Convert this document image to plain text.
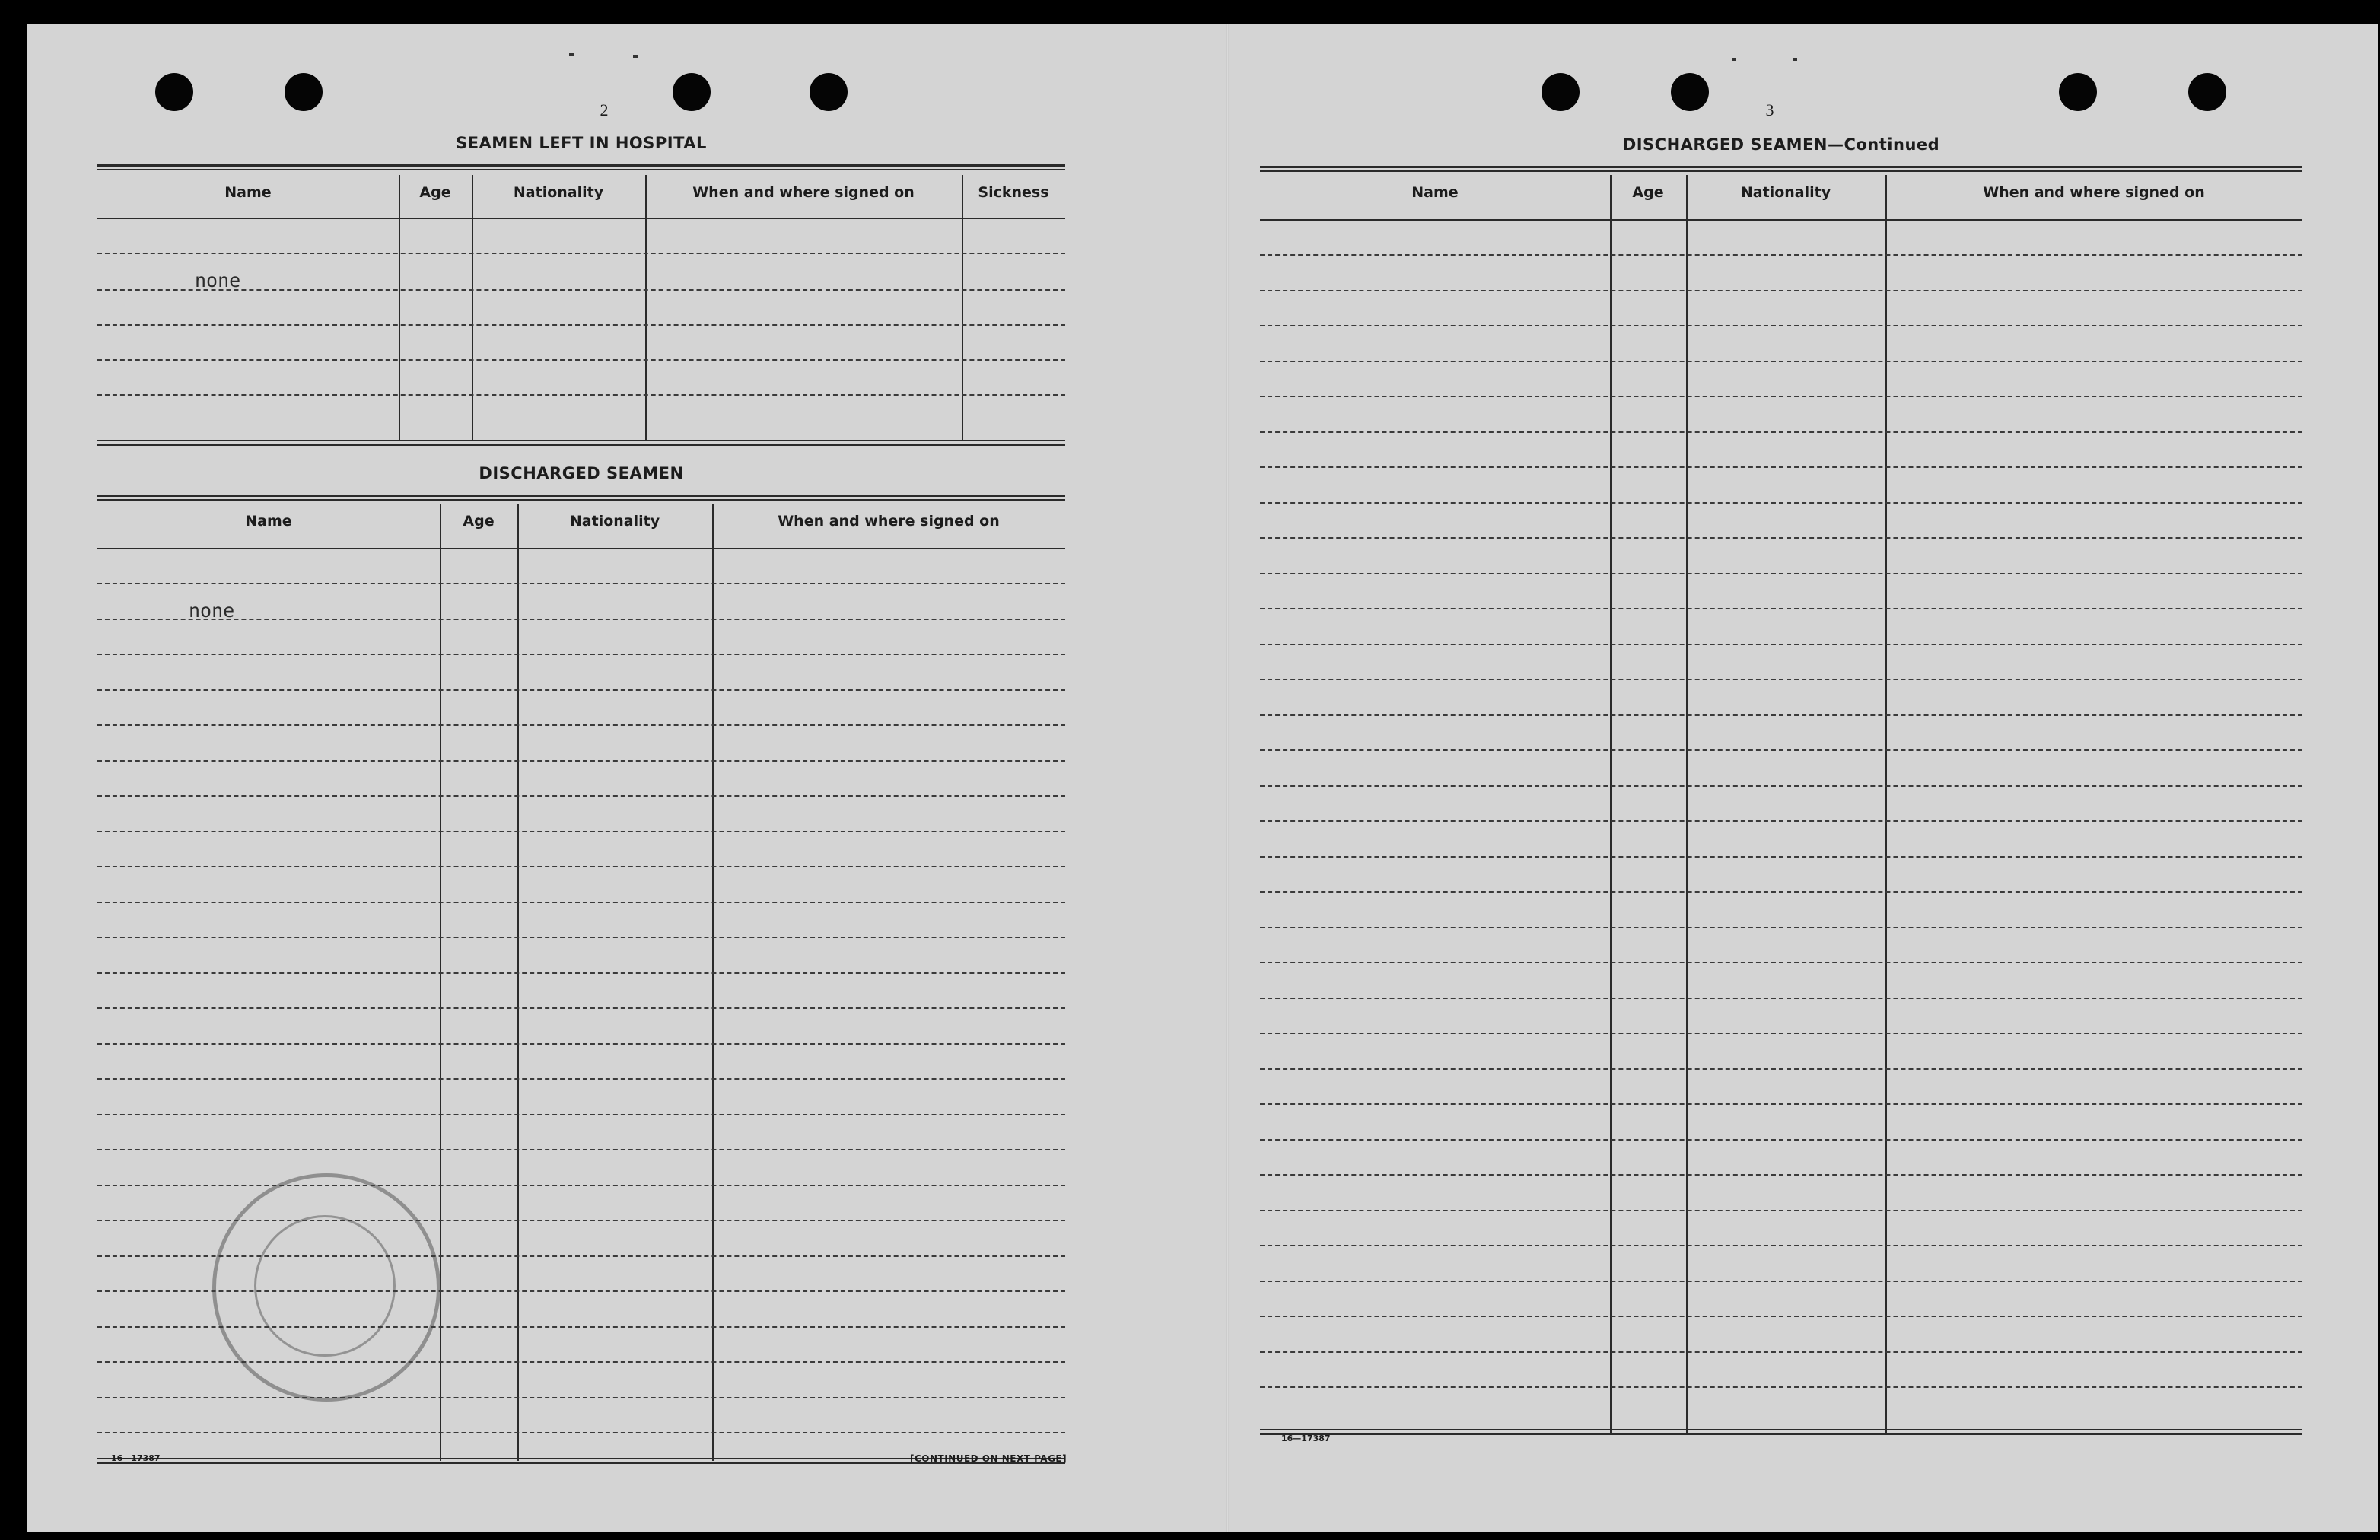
2
SEAMEN LEFT IN HOSPITAL
Name	Age	Nationality	When and where signed on	Sickness
none
DISCHARGED SEAMEN
Name	Age	Nationality	When and where signed on
none
16—17387	[CONTINUED ON NEXT PAGE]
3
DISCHARGED SEAMEN—Continued
Name	Age	Nationality	When and where signed on
16—17387
